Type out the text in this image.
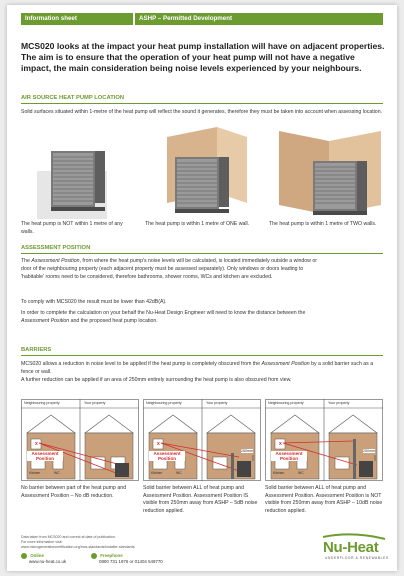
Information sheet	ASHP – Permitted Development
MCS020 looks at the impact your heat pump installation will have on adjacent properties. The aim is to ensure that the operation of your heat pump will not have a negative impact, the main consideration being noise levels experienced by your neighbours.
AIR SOURCE HEAT PUMP LOCATION
Solid surfaces situated within 1-metre of the heat pump will reflect the sound it generates, therefore they must be taken into account when assessing location.
The heat pump is NOT within 1 metre of any walls.
The heat pump is within 1 metre of ONE wall.	The heat pump is within 1 metre of TWO walls.
ASSESSMENT POSITION
The Assessment Position, from where the heat pump's noise levels will be calculated, is located immediately outside a window or door of the neighbouring property (each adjacent property must be assessed separately). Only windows or doors leading to 'habitable' rooms need to be considered, therefore bathrooms, shower rooms, WCs and kitchen are excluded.
To comply with MCS020 the result must be lower than 42dB(A).
In order to complete the calculation on your behalf the Nu-Heat Design Engineer will need to know the distance between the Assessment Position and the proposed heat pump location.
BARRIERS
MCS020 allows a reduction in noise level to be applied if the heat pump is completely obscured from the Assessment Position by a solid barrier such as a fence or wall.
A further reduction can be applied if an area of 250mm entirely surrounding the heat pump is also obscured from view.
x
Neighbouring property	Your property
Assessment Position
Kitchen	WC
x
Neighbouring property	Your property
Assessment Position
Kitchen	WC
250mm
x
Neighbouring property	Your property
Assessment Position
Kitchen	WC
250mm
No barrier between part of the heat pump and Assessment Position – No dB reduction.
Solid barrier between ALL of heat pump and Assessment Position. Assessment Position IS visible from 250mm away from ASHP – 5dB noise reduction applied.
Solid barrier between ALL of heat pump and Assessment Position. Assessment Position is NOT visible from 250mm away from ASHP – 10dB noise reduction applied.
Data taken from MCS020 and correct at date of publication.
For more information visit:
www.microgenerationcertification.org/mcs-standards/installer-standards
Online
www.nu-heat.co.uk
Freephone
0800 731 1976 or 01404 549770
Nu-Heat
UNDERFLOOR & RENEWABLES
